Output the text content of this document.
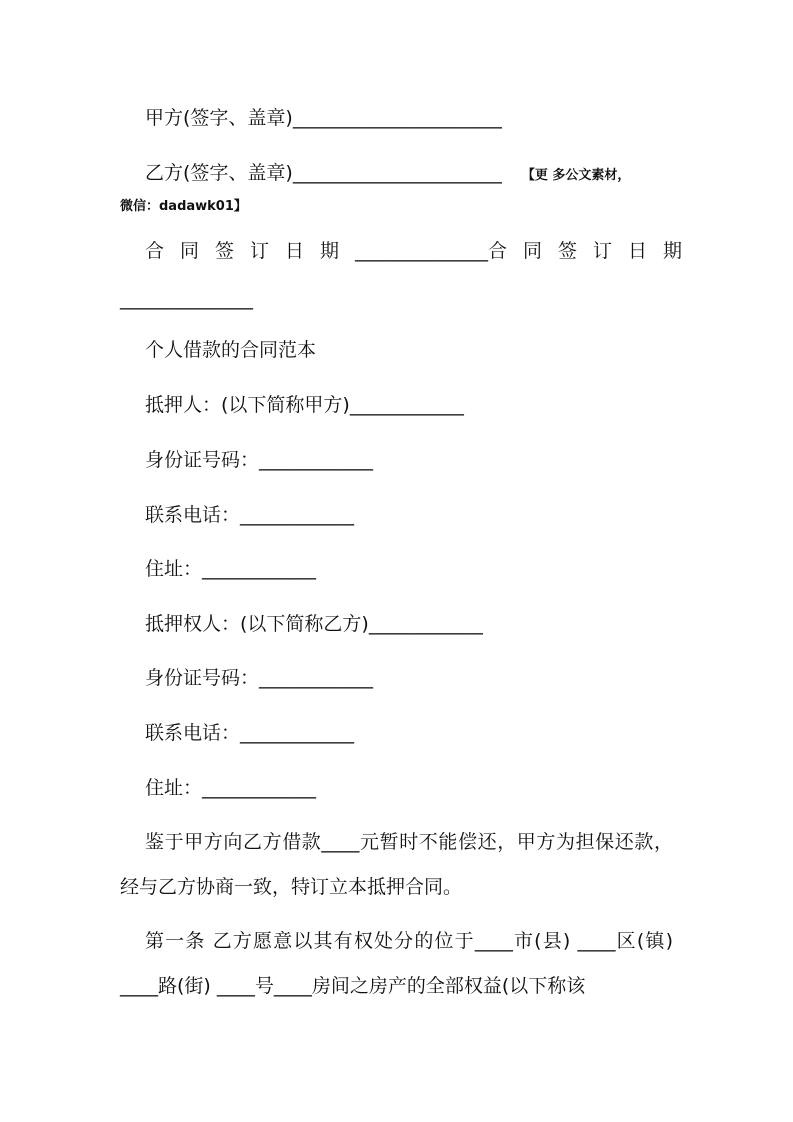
甲方(签字、盖章)______________________
乙方(签字、盖章)______________________ 【更 多公文素材，
微信：dadawk01】
合同签订日期 ______________ 合同签订日期
______________
个人借款的合同范本
抵押人：(以下简称甲方)____________
身份证号码：____________
联系电话：____________
住址：____________
抵押权人：(以下简称乙方)____________
身份证号码：____________
联系电话：____________
住址：____________
鉴于甲方向乙方借款____元暂时不能偿还，甲方为担保还款，经与乙方协商一致，特订立本抵押合同。
第一条 乙方愿意以其有权处分的位于____市(县) ____区(镇) ____路(街) ____号____房间之房产的全部权益(以下称该
